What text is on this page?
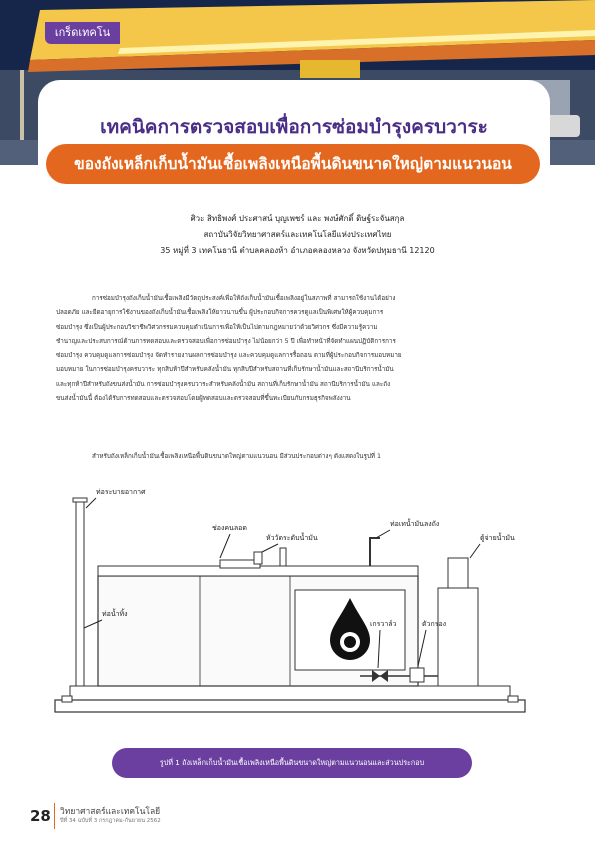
เกร็ดเทคโน
เทคนิคการตรวจสอบเพื่อการซ่อมบำรุงครบวาระ
ของถังเหล็กเก็บน้ำมันเชื้อเพลิงเหนือพื้นดินขนาดใหญ่ตามแนวนอน
ศิวะ สิทธิพงศ์ ประศาสน์ บุญเพชร์ และ พงษ์ศักดิ์ ดิษฐ์ระจันสกุล
สถาบันวิจัยวิทยาศาสตร์และเทคโนโลยีแห่งประเทศไทย
35 หมู่ที่ 3 เทคโนธานี ตำบลคลองห้า อำเภอคลองหลวง จังหวัดปทุมธานี 12120
การซ่อมบำรุงถังเก็บน้ำมันเชื้อเพลิงมีวัตถุประสงค์เพื่อให้ถังเก็บน้ำมันเชื้อเพลิงอยู่ในสภาพที่ สามารถใช้งานได้อย่าง
ปลอดภัย และยืดอายุการใช้งานของถังเก็บน้ำมันเชื้อเพลิงให้ยาวนานขึ้น ผู้ประกอบกิจการควรดูแลเป็นพิเศษให้ผู้ควบคุมการ
ซ่อมบำรุง ซึ่งเป็นผู้ประกอบวิชาชีพวิศวกรรมควบคุมดำเนินการเพื่อให้เป็นไปตามกฎหมายว่าด้วยวิศวกร ซึ่งมีความรู้ความ
ชำนาญและประสบการณ์ด้านการทดสอบและตรวจสอบเพื่อการซ่อมบำรุง ไม่น้อยกว่า 5 ปี เพื่อทำหน้าที่จัดทำแผนปฏิบัติการการ
ซ่อมบำรุง ควบคุมดูแลการซ่อมบำรุง จัดทำรายงานผลการซ่อมบำรุง และควบคุมดูแลการรื้อถอน ตามที่ผู้ประกอบกิจการมอบหมาย
มอบหมาย ในการซ่อมบำรุงครบวาระ ทุกสิบห้าปีสำหรับคลังน้ำมัน ทุกสิบปีสำหรับสถานที่เก็บรักษาน้ำมันและสถานีบริการน้ำมัน
และทุกห้าปีสำหรับถังขนส่งน้ำมัน การซ่อมบำรุงครบวาระสำหรับคลังน้ำมัน สถานที่เก็บรักษาน้ำมัน สถานีบริการน้ำมัน และถัง
ขนส่งน้ำมันนี้ ต้องได้รับการทดสอบและตรวจสอบโดยผู้ทดสอบและตรวจสอบที่ขึ้นทะเบียนกับกรมธุรกิจพลังงาน
สำหรับถังเหล็กเก็บน้ำมันเชื้อเพลิงเหนือพื้นดินขนาดใหญ่ตามแนวนอน มีส่วนประกอบต่างๆ ดังแสดงในรูปที่ 1
ท่อระบายอากาศ
ช่องคนลอด
หัววัดระดับน้ำมัน
ท่อเทน้ำมันลงถัง
ตู้จ่ายน้ำมัน
ท่อน้ำทิ้ง
เกรวาล์ว	ตัวกรอง
รูปที่ 1 ถังเหล็กเก็บน้ำมันเชื้อเพลิงเหนือพื้นดินขนาดใหญ่ตามแนวนอนและส่วนประกอบ
28 วิทยาศาสตร์และเทคโนโลยี
ปีที่ 34 ฉบับที่ 3 กรกฎาคม-กันยายน 2562
